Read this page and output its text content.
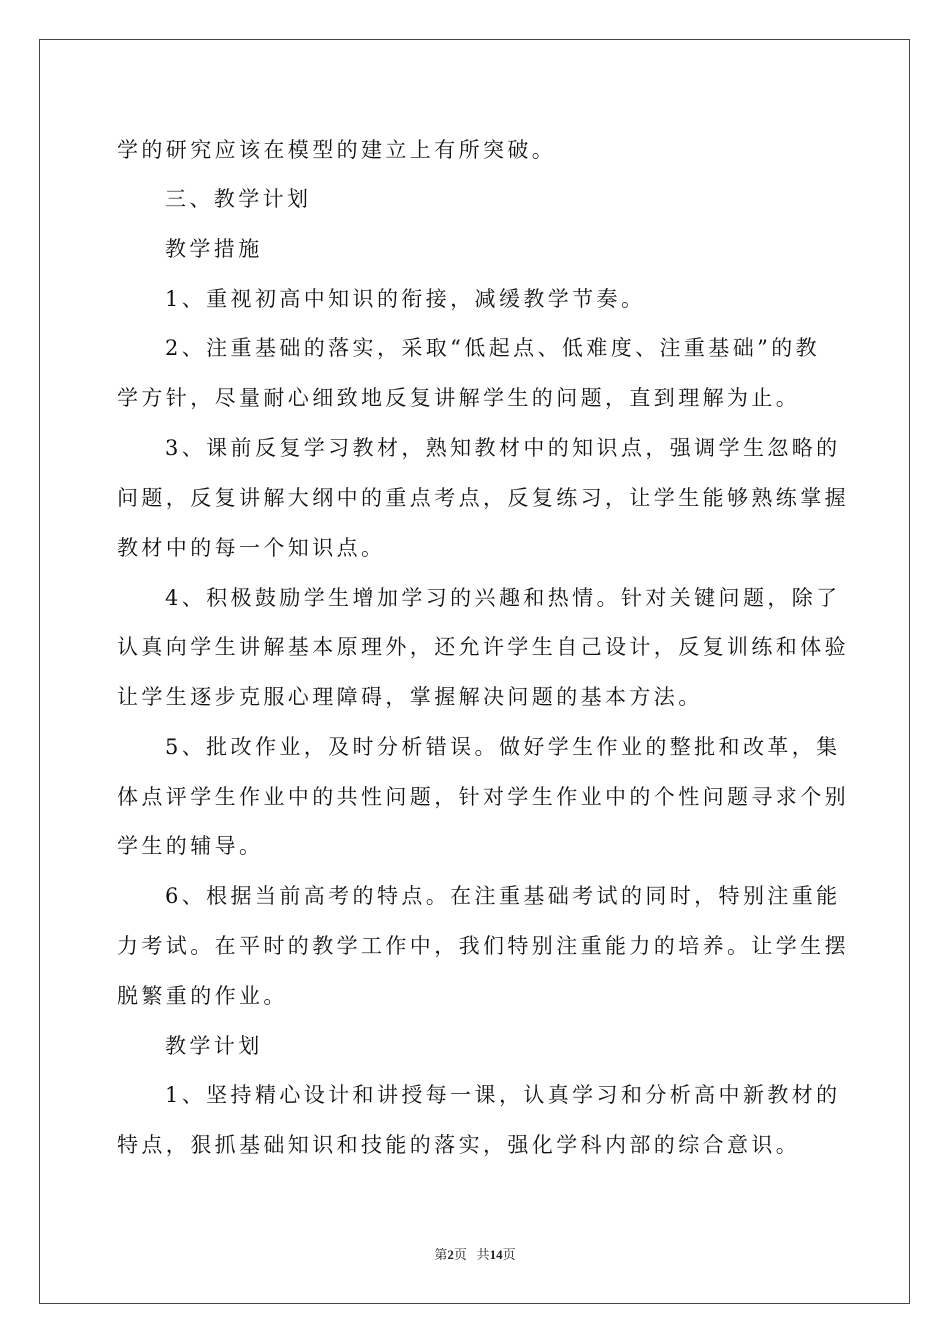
学的研究应该在模型的建立上有所突破。
三、教学计划
教学措施
1、重视初高中知识的衔接，减缓教学节奏。
2、注重基础的落实，采取“低起点、低难度、注重基础”的教
学方针，尽量耐心细致地反复讲解学生的问题，直到理解为止。
3、课前反复学习教材，熟知教材中的知识点，强调学生忽略的
问题，反复讲解大纲中的重点考点，反复练习，让学生能够熟练掌握
教材中的每一个知识点。
4、积极鼓励学生增加学习的兴趣和热情。针对关键问题，除了
认真向学生讲解基本原理外，还允许学生自己设计，反复训练和体验
让学生逐步克服心理障碍，掌握解决问题的基本方法。
5、批改作业，及时分析错误。做好学生作业的整批和改革，集
体点评学生作业中的共性问题，针对学生作业中的个性问题寻求个别
学生的辅导。
6、根据当前高考的特点。在注重基础考试的同时，特别注重能
力考试。在平时的教学工作中，我们特别注重能力的培养。让学生摆
脱繁重的作业。
教学计划
1、坚持精心设计和讲授每一课，认真学习和分析高中新教材的
特点，狠抓基础知识和技能的落实，强化学科内部的综合意识。
第2页 共14页
